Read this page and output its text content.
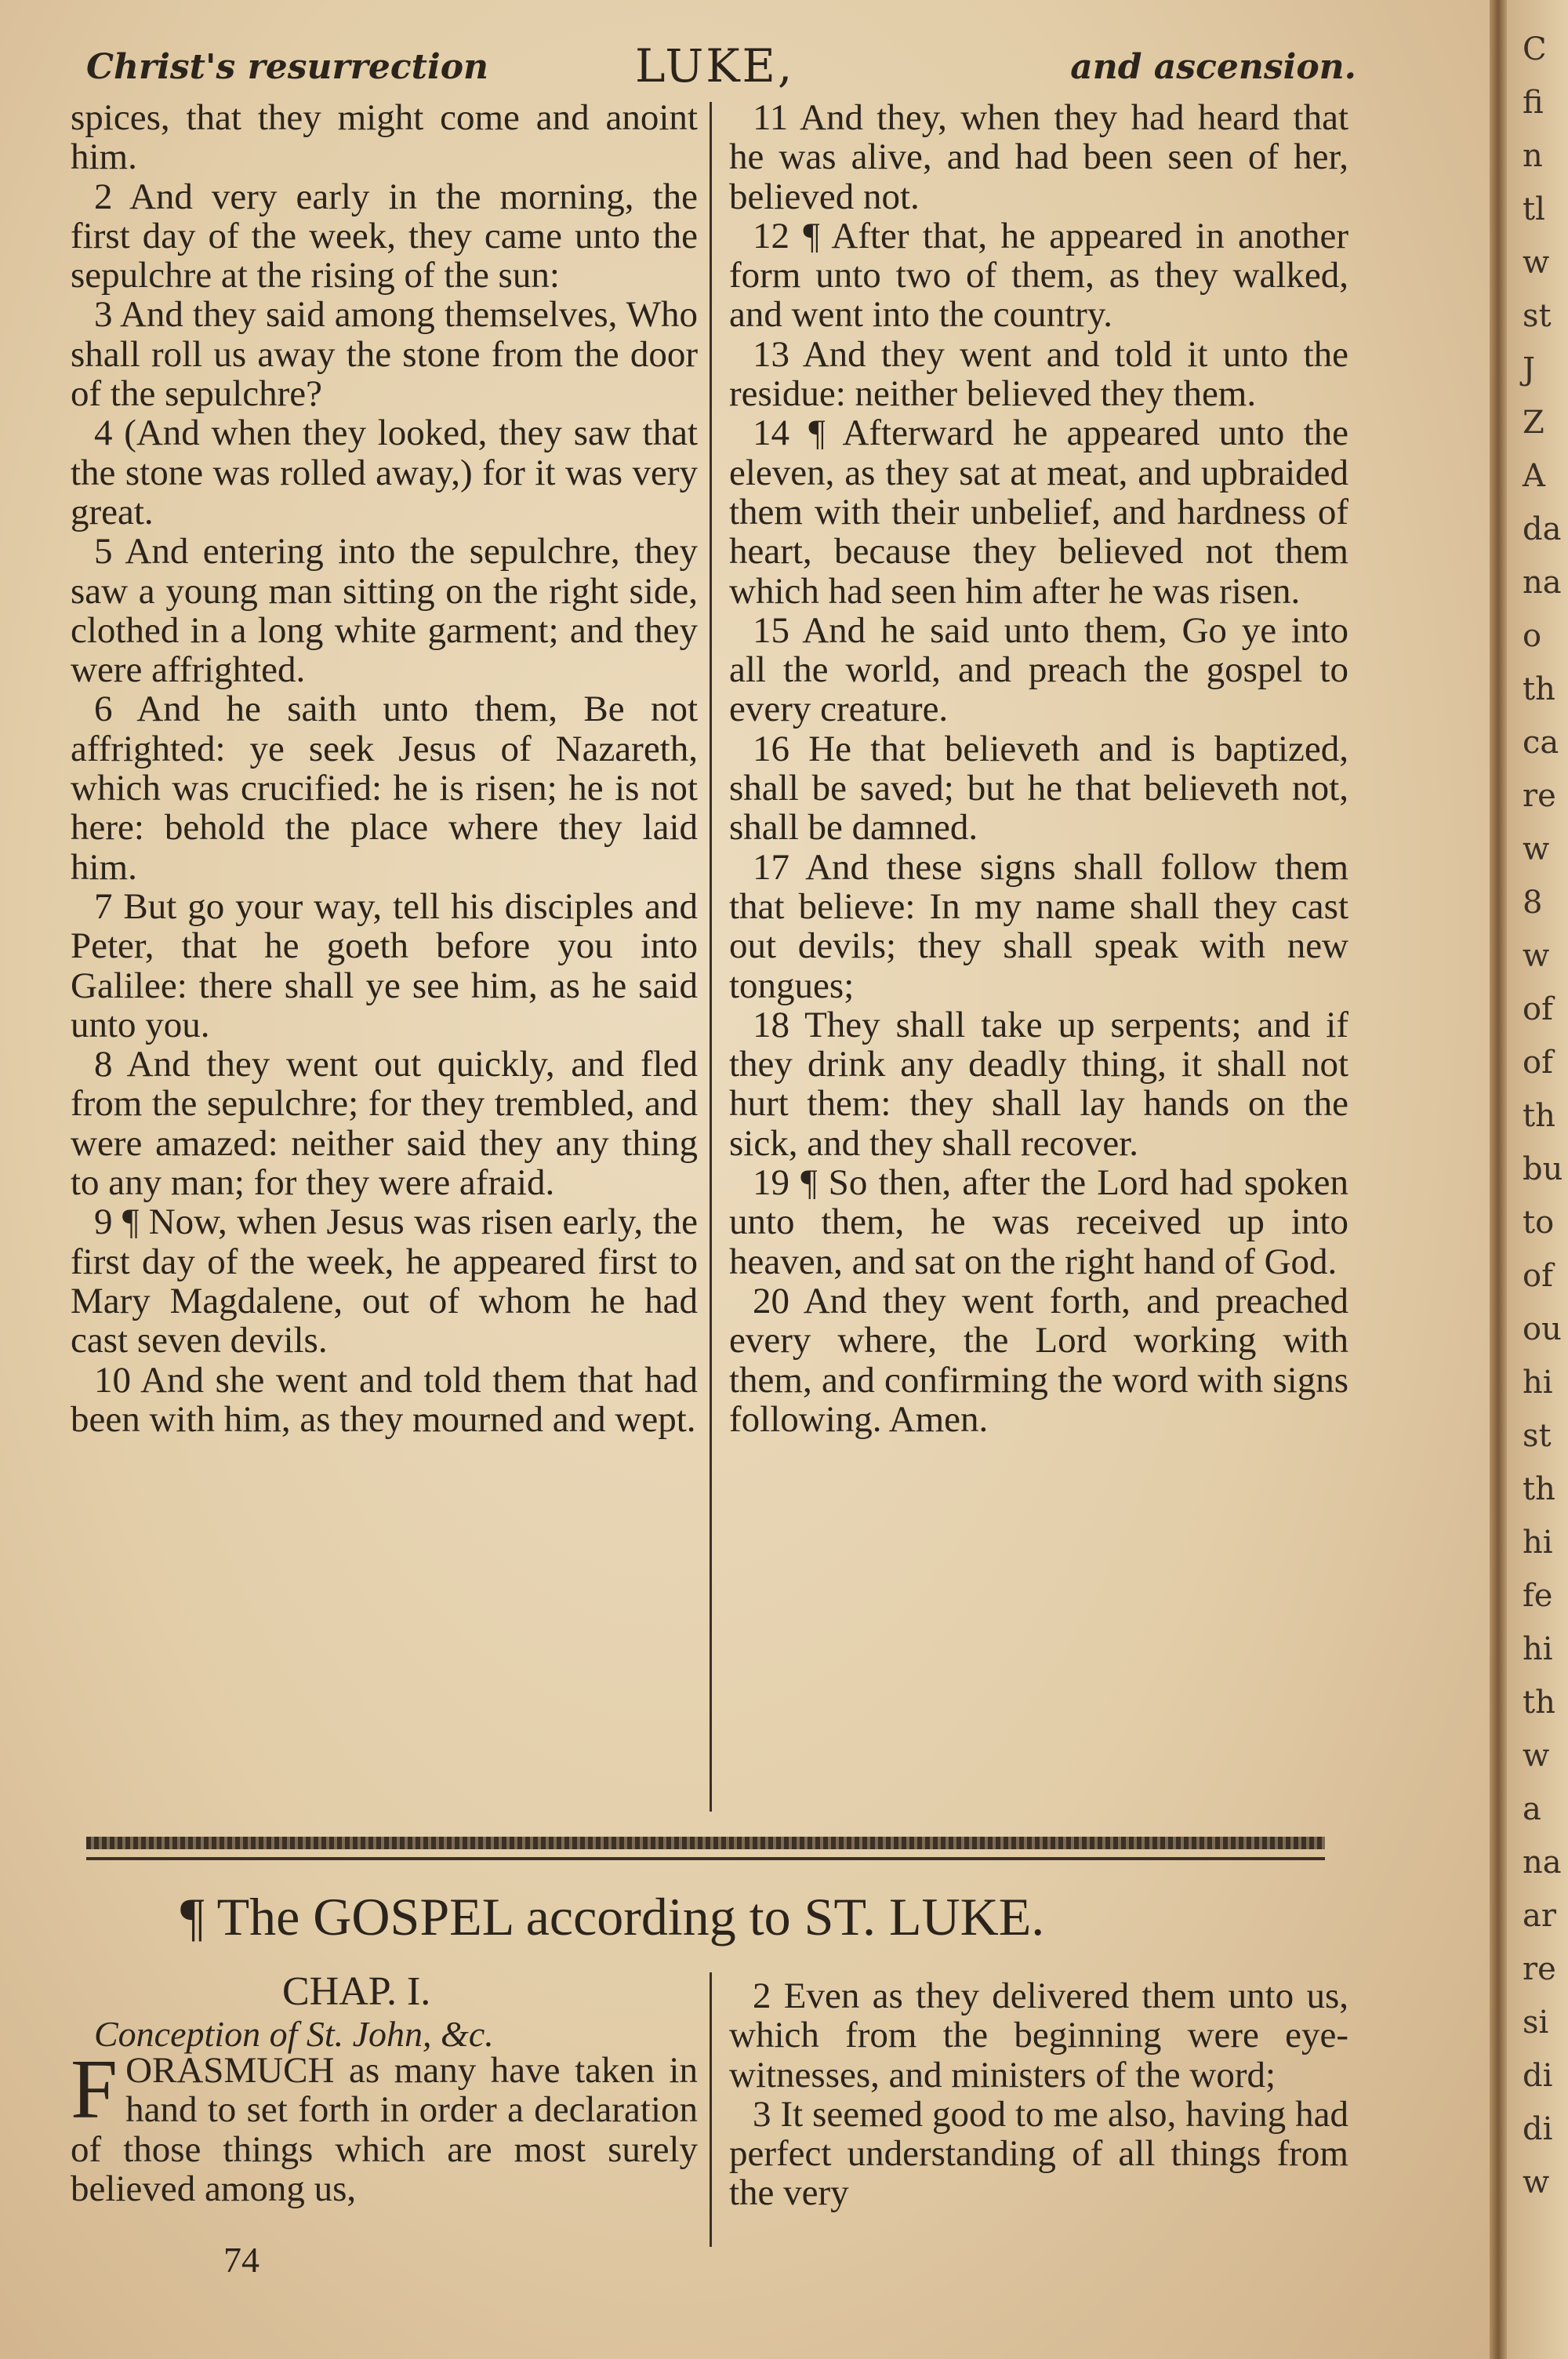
Christ's resurrection	LUKE,	and ascension.

spices, that they might come and anoint him.

2 And very early in the morning, the first day of the week, they came unto the sepulchre at the rising of the sun:

3 And they said among themselves, Who shall roll us away the stone from the door of the sepulchre?

4 (And when they looked, they saw that the stone was rolled away,) for it was very great.

5 And entering into the sepulchre, they saw a young man sitting on the right side, clothed in a long white garment; and they were affrighted.

6 And he saith unto them, Be not affrighted: ye seek Jesus of Nazareth, which was crucified: he is risen; he is not here: behold the place where they laid him.

7 But go your way, tell his disciples and Peter, that he goeth before you into Galilee: there shall ye see him, as he said unto you.

8 And they went out quickly, and fled from the sepulchre; for they trembled, and were amazed: neither said they any thing to any man; for they were afraid.

9 ¶ Now, when Jesus was risen early, the first day of the week, he appeared first to Mary Magdalene, out of whom he had cast seven devils.

10 And she went and told them that had been with him, as they mourned and wept.

11 And they, when they had heard that he was alive, and had been seen of her, believed not.

12 ¶ After that, he appeared in another form unto two of them, as they walked, and went into the country.

13 And they went and told it unto the residue: neither believed they them.

14 ¶ Afterward he appeared unto the eleven, as they sat at meat, and upbraided them with their unbelief, and hardness of heart, because they believed not them which had seen him after he was risen.

15 And he said unto them, Go ye into all the world, and preach the gospel to every creature.

16 He that believeth and is baptized, shall be saved; but he that believeth not, shall be damned.

17 And these signs shall follow them that believe: In my name shall they cast out devils; they shall speak with new tongues;

18 They shall take up serpents; and if they drink any deadly thing, it shall not hurt them: they shall lay hands on the sick, and they shall recover.

19 ¶ So then, after the Lord had spoken unto them, he was received up into heaven, and sat on the right hand of God.

20 And they went forth, and preached every where, the Lord working with them, and confirming the word with signs following. Amen.

¶ The GOSPEL according to ST. LUKE.
CHAP. I.
Conception of St. John, &c.

FORASMUCH as many have taken in hand to set forth in order a declaration of those things which are most surely believed among us,

2 Even as they delivered them unto us, which from the beginning were eye-witnesses, and ministers of the word;

3 It seemed good to me also, having had perfect understanding of all things from the very

74
C
fi
n
tl
w
st
J
Z
A
da
na
o
th
ca
re
w
8
w
of
of
th
bu
to
of
ou
hi
st
th
hi
fe
hi
th
w
a
na
ar
re
si
di
di
w
